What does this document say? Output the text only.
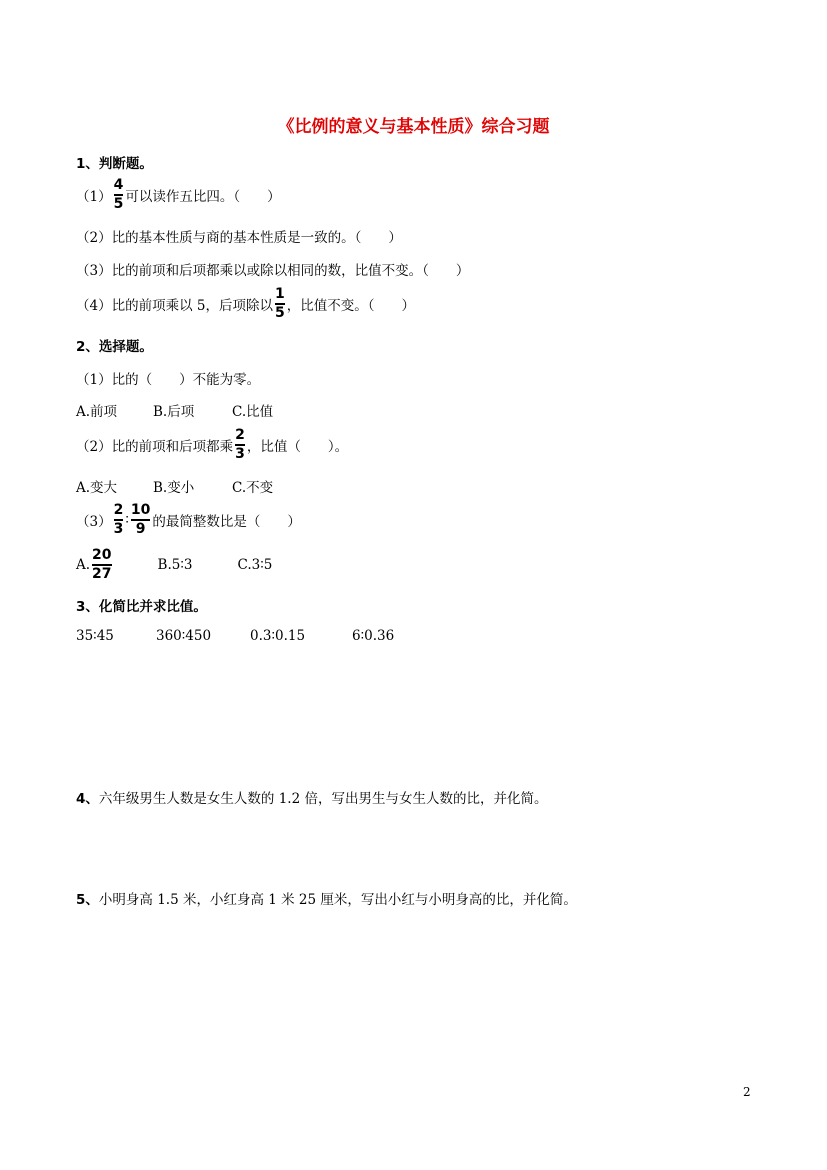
《比例的意义与基本性质》综合习题
1、判断题。
$(1) \frac{4}{5}$ 可以读作五比四。（　　）
（2）比的基本性质与商的基本性质是一致的。（　　）
（3）比的前项和后项都乘以或除以相同的数，比值不变。（　　）
（4）比的前项乘以 5，后项除以 $\frac{1}{5}$ ，比值不变。（　　）
2、选择题。
（1）比的（　　）不能为零。
A.前项	B.后项	C.比值
（2）比的前项和后项都乘 $\frac{2}{3}$ ，比值（　　）。
A.变大	B.变小	C.不变
$(3) \frac{2}{3}$ ∶ $\frac{10}{9}$ 的最简整数比是（　　）
A. $\frac{20}{27}$	B.5∶3	C.3∶5
3、化简比并求比值。
35∶45	360∶450	0.3∶0.15	6∶0.36
4、 六年级男生人数是女生人数的 1.2 倍，写出男生与女生人数的比，并化简。
5、 小明身高 1.5 米，小红身高 1 米 25 厘米，写出小红与小明身高的比，并化简。
2
